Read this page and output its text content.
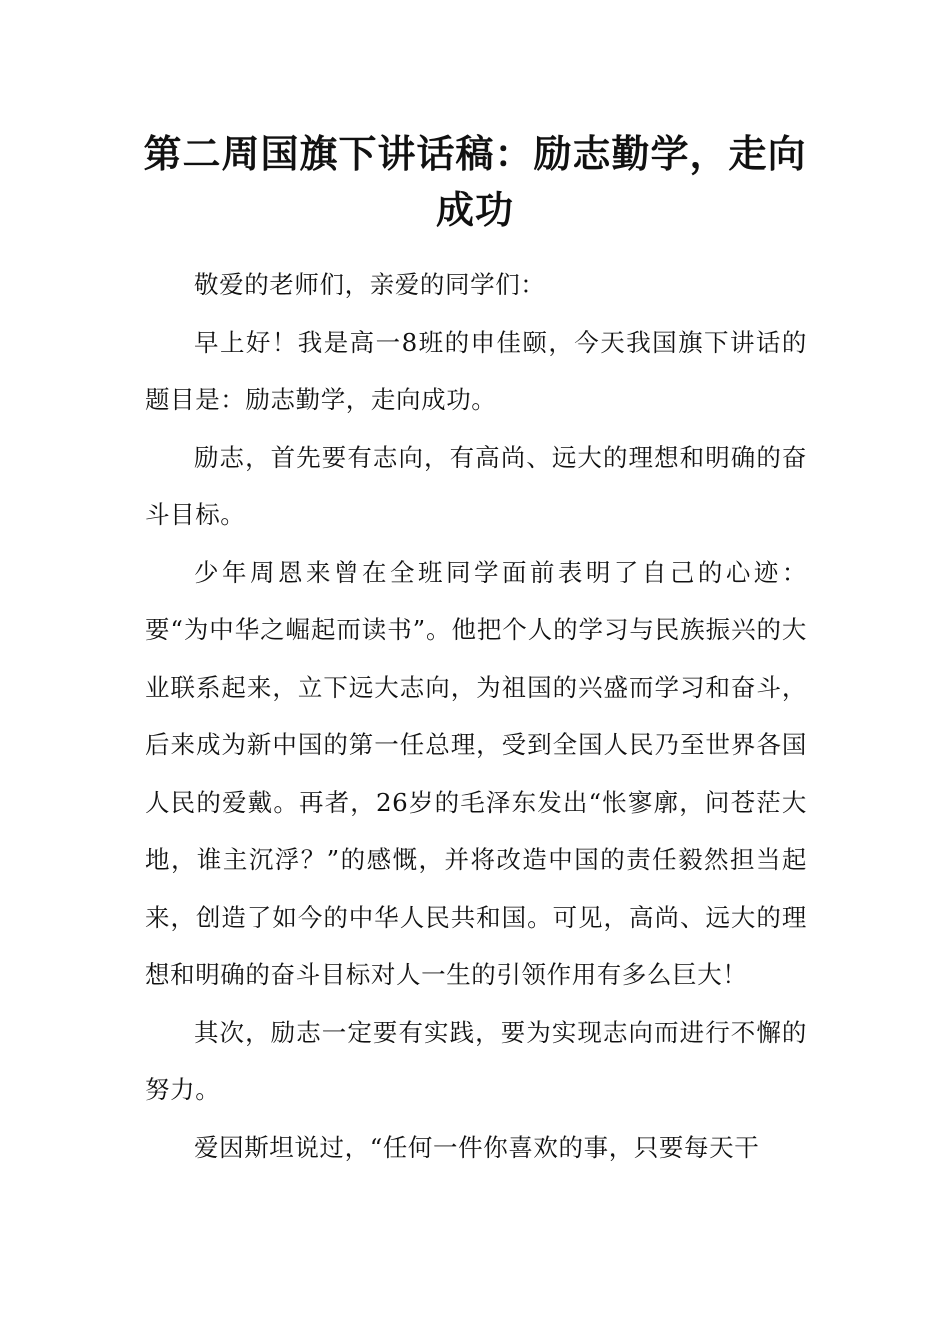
第二周国旗下讲话稿：励志勤学，走向成功

敬爱的老师们，亲爱的同学们：

早上好！我是高一8班的申佳颐，今天我国旗下讲话的题目是：励志勤学，走向成功。

励志，首先要有志向，有高尚、远大的理想和明确的奋斗目标。

少年周恩来曾在全班同学面前表明了自己的心迹：要“为中华之崛起而读书”。他把个人的学习与民族振兴的大业联系起来，立下远大志向，为祖国的兴盛而学习和奋斗，后来成为新中国的第一任总理，受到全国人民乃至世界各国人民的爱戴。再者，26岁的毛泽东发出“怅寥廓，问苍茫大地，谁主沉浮？”的感慨，并将改造中国的责任毅然担当起来，创造了如今的中华人民共和国。可见，高尚、远大的理想和明确的奋斗目标对人一生的引领作用有多么巨大！

其次，励志一定要有实践，要为实现志向而进行不懈的努力。

爱因斯坦说过，“任何一件你喜欢的事，只要每天干
